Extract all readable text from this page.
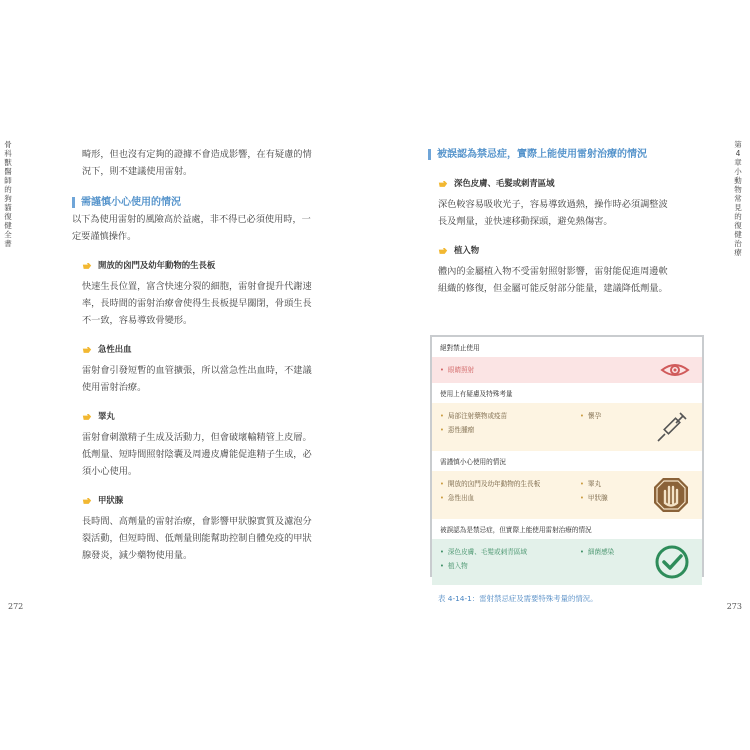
骨科獸醫師的狗貓復健全書
第4章 小動物常見的復健治療
272	273

畸形，但也沒有定夠的證據不會造成影響，在有疑慮的情況下，則不建議使用雷射。

需謹慎小心使用的情況

以下為使用雷射的風險高於益處，非不得已必須使用時，一定要謹慎操作。

開放的囟門及幼年動物的生長板

快速生長位置，富含快速分裂的細胞，雷射會提升代謝速率，長時間的雷射治療會使得生長板提早關閉，骨頭生長不一致，容易導致骨變形。

急性出血

雷射會引發短暫的血管擴張，所以當急性出血時，不建議使用雷射治療。

睪丸

雷射會刺激精子生成及活動力，但會破壞輸精管上皮層。低劑量、短時間照射陰囊及周邊皮膚能促進精子生成，必須小心使用。

甲狀腺

長時間、高劑量的雷射治療，會影響甲狀腺實質及濾泡分裂活動，但短時間、低劑量則能幫助控制自體免疫的甲狀腺發炎，減少藥物使用量。

被誤認為禁忌症，實際上能使用雷射治療的情況
深色皮膚、毛髮或刺青區域

深色較容易吸收光子，容易導致過熱，操作時必須調整波長及劑量，並快速移動探頭，避免熱傷害。

植入物

體內的金屬植入物不受雷射照射影響，雷射能促進周邊軟組織的修復，但金屬可能反射部分能量，建議降低劑量。

絕對禁止使用
• 眼睛照射
使用上有疑慮及特殊考量
• 局部注射藥物或疫苗
• 惡性腫瘤
• 懷孕
需謹慎小心使用的情況
• 開放的囟門及幼年動物的生長板
• 急性出血
• 睪丸
• 甲狀腺
被誤認為是禁忌症，但實際上能使用雷射治療的情況
• 深色皮膚、毛髮或刺青區域
• 植入物
• 細菌感染
表 4-14-1：雷射禁忌症及需要特殊考量的情況。
